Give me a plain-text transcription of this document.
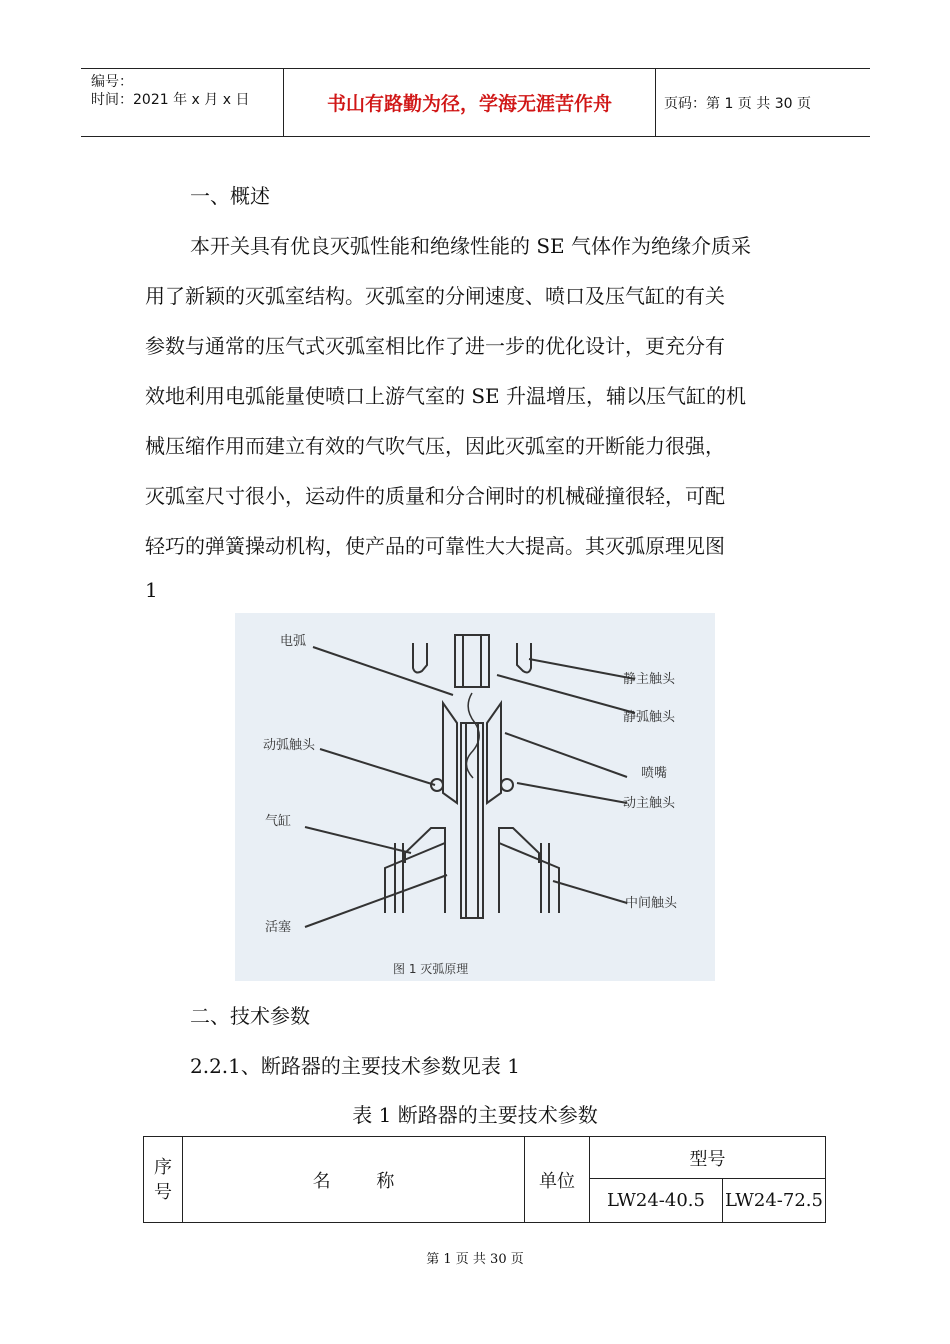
编号：
时间：2021 年 x 月 x 日	书山有路勤为径，学海无涯苦作舟	页码：第 1 页 共 30 页
一、概述
本开关具有优良灭弧性能和绝缘性能的 SE 气体作为绝缘介质采
用了新颖的灭弧室结构。灭弧室的分闸速度、喷口及压气缸的有关
参数与通常的压气式灭弧室相比作了进一步的优化设计，更充分有
效地利用电弧能量使喷口上游气室的 SE 升温增压，辅以压气缸的机
械压缩作用而建立有效的气吹气压，因此灭弧室的开断能力很强，
灭弧室尺寸很小，运动件的质量和分合闸时的机械碰撞很轻，可配
轻巧的弹簧操动机构，使产品的可靠性大大提高。其灭弧原理见图
1
电弧
静主触头
静弧触头
动弧触头
喷嘴
动主触头
气缸
活塞
中间触头
图 1 灭弧原理
二、技术参数
2.2.1、断路器的主要技术参数见表 1
表 1 断路器的主要技术参数
序
号	名        称	单位	型号	
			LW24-40.5	LW24-72.5
第 1 页 共 30 页
